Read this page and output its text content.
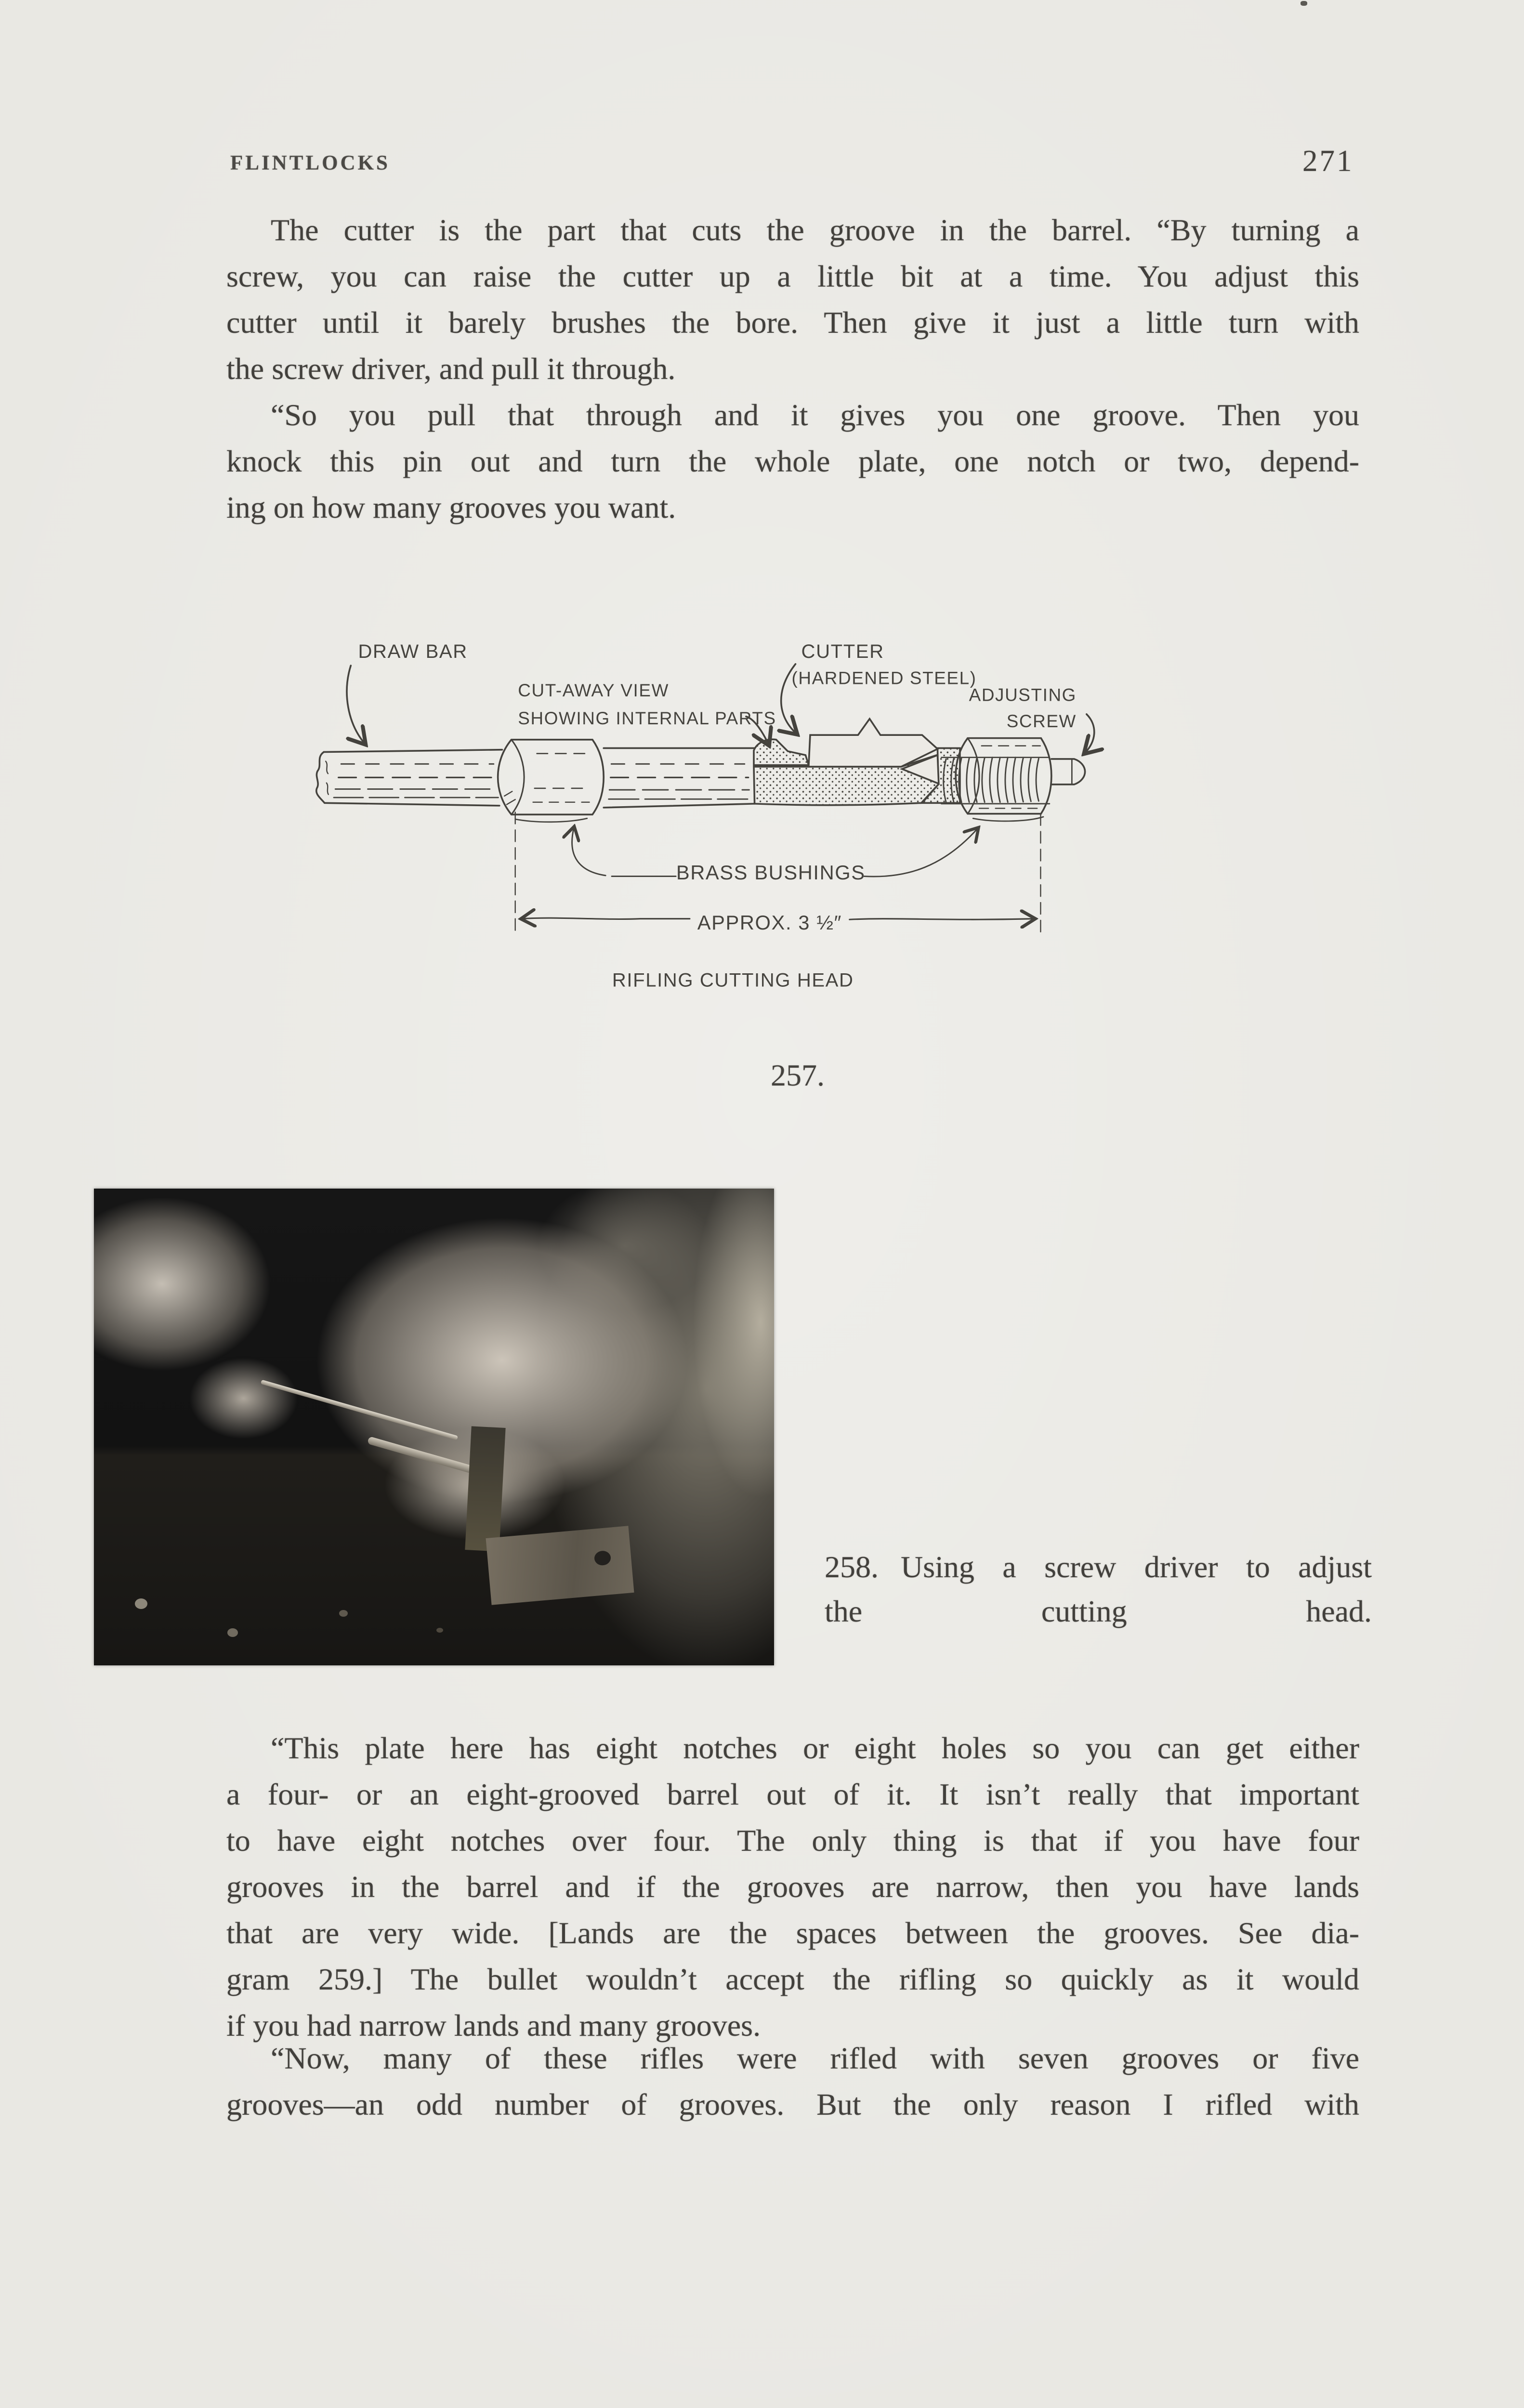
FLINTLOCKS	271
The cutter is the part that cuts the groove in the barrel. “By turning a
screw, you can raise the cutter up a little bit at a time. You adjust this
cutter until it barely brushes the bore. Then give it just a little turn with
the screw driver, and pull it through.
“So you pull that through and it gives you one groove. Then you
knock this pin out and turn the whole plate, one notch or two, depend-
ing on how many grooves you want.
DRAW BAR
CUT-AWAY VIEW
SHOWING INTERNAL PARTS
CUTTER
(HARDENED STEEL)
ADJUSTING
SCREW
BRASS BUSHINGS
APPROX. 3 ½″
RIFLING CUTTING HEAD
257.
258. Using a screw driver to adjust
the cutting head.
“This plate here has eight notches or eight holes so you can get either
a four- or an eight-grooved barrel out of it. It isn’t really that important
to have eight notches over four. The only thing is that if you have four
grooves in the barrel and if the grooves are narrow, then you have lands
that are very wide. [Lands are the spaces between the grooves. See dia-
gram 259.] The bullet wouldn’t accept the rifling so quickly as it would
if you had narrow lands and many grooves.
“Now, many of these rifles were rifled with seven grooves or five
grooves—an odd number of grooves. But the only reason I rifled with
